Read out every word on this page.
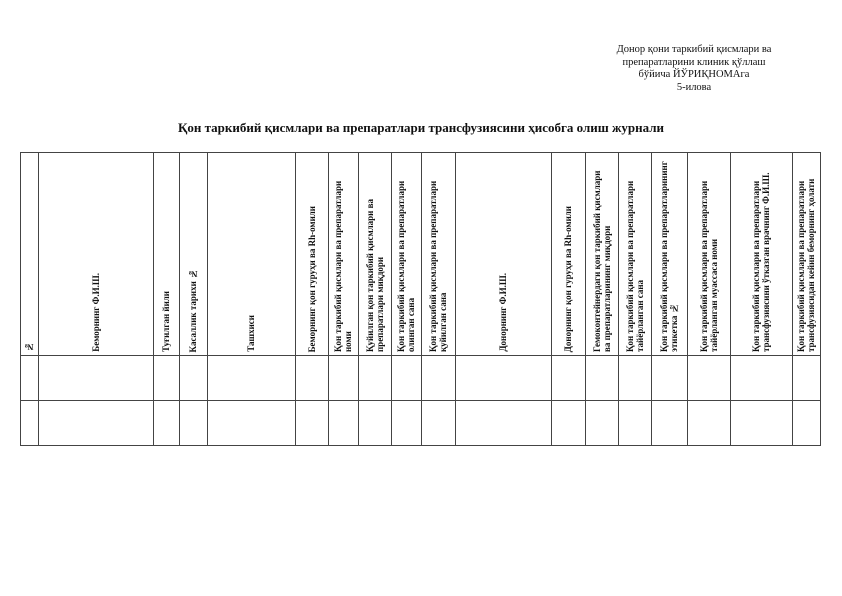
Донор қони таркибий қисмлари ва
препаратларини клиник қўллаш
бўйича ЙЎРИҚНОМАга
5-илова
Қон таркибий қисмлари ва препаратлари трансфузиясини ҳисобга олиш журнали
№	Беморнинг Ф.И.Ш.	Туғилган йили	Касаллик тарихи №	Ташхиси	Беморнинг қон гуруҳи ва Rh-омили	Қон таркибий қисмлари ва препаратлари номи	Қуйилган қон таркибий қисмлари ва препаратлари миқдори	Қон таркибий қисмлари ва препаратлари олинган сана	Қон таркибий қисмлари ва препаратлари қуйилган сана	Донорнинг Ф.И.Ш.	Донорнинг қон гуруҳи ва Rh-омили	Гемоконтейнердаги қон таркибий қисмлари ва препаратларининг миқдори	Қон таркибий қисмлари ва препаратлари тайёрланган сана	Қон таркибий қисмлари ва препаратларининг этикетка №	Қон таркибий қисмлари ва препаратлари тайёрланган муассаса номи	Қон таркибий қисмлари ва препаратлари трансфузиясини ўтказган врачнинг Ф.И.Ш.	Қон таркибий қисмлари ва препаратлари трансфузиясидан кейин беморнинг ҳолати
